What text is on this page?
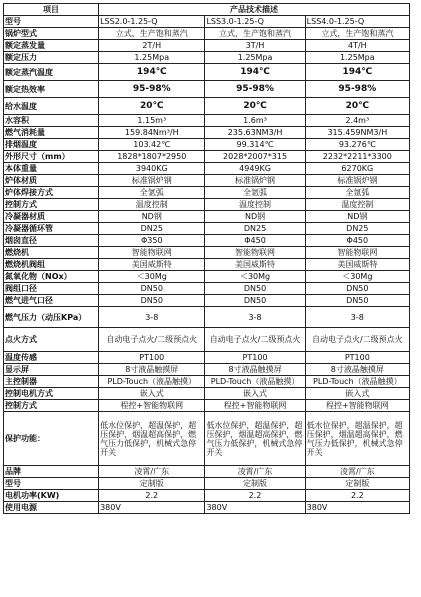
项目	产品技术描述		
型号	LSS2.0-1.25-Q	LSS3.0-1.25-Q	LSS4.0-1.25-Q
锅炉型式	立式，生产饱和蒸汽	立式，生产饱和蒸汽	立式，生产饱和蒸汽
额定蒸发量	2T/H	3T/H	4T/H
额定压力	1.25Mpa	1.25Mpa	1.25Mpa
额定蒸汽温度	194℃	194℃	194℃
额定热效率	95-98%	95-98%	95-98%
给水温度	20℃	20℃	20℃
水容积	1.15m³	1.6m³	2.4m³
燃气消耗量	159.84Nm³/H	235.63NM3/H	315.459NM3/H
排烟温度	103.42℃	99.314℃	93.276℃
外形尺寸（mm）	1828*1807*2950	2028*2007*315	2232*2211*3300
本体重量	3940KG	4949KG	6270KG
炉体材质	标准锅炉钢	标准锅炉钢	标准锅炉钢
炉体焊接方式	全氩弧	全氩弧	全氩弧
控制方式	温度控制	温度控制	温度控制
冷凝器材质	ND钢	ND钢	ND钢
冷凝器循环管	DN25	DN25	DN25
烟囱直径	Φ350	Φ450	Φ450
燃烧机	智能物联网	智能物联网	智能物联网
燃烧机阀组	美国威斯特	美国威斯特	美国威斯特
氮氧化物（NOx）	＜30Mg	＜30Mg	＜30Mg
阀组口径	DN50	DN50	DN50
燃气进气口径	DN50	DN50	DN50
燃气压力（动压KPa）	3-8	3-8	3-8
点火方式	自动电子点火/二级预点火	自动电子点火/二级预点火	自动电子点火/二级预点火
温度传感	PT100	PT100	PT100
显示屏	8寸液晶触摸屏	8寸液晶触摸屏	8寸液晶触摸屏
主控制器	PLD-Touch（液晶触摸）	PLD-Touch（液晶触摸）	PLD-Touch（液晶触摸）
控制电机方式	嵌入式	嵌入式	嵌入式
控制方式	程控+智能物联网	程控+智能物联网	程控+智能物联网
保护功能：	低水位保护，超温保护，超压保护，烟温超高保护，燃气压力低保护，机械式急停开关	低水位保护，超温保护，超压保护，烟温超高保护，燃气压力低保护，机械式急停开关	低水位保护，超温保护，超压保护，烟温超高保护，燃气压力低保护，机械式急停开关
品牌	凌霄/广东	凌霄/广东	凌霄/广东
型号	定制版	定制版	定制版
电机功率(KW)	2.2	2.2	2.2
使用电源	380V	380V	380V
